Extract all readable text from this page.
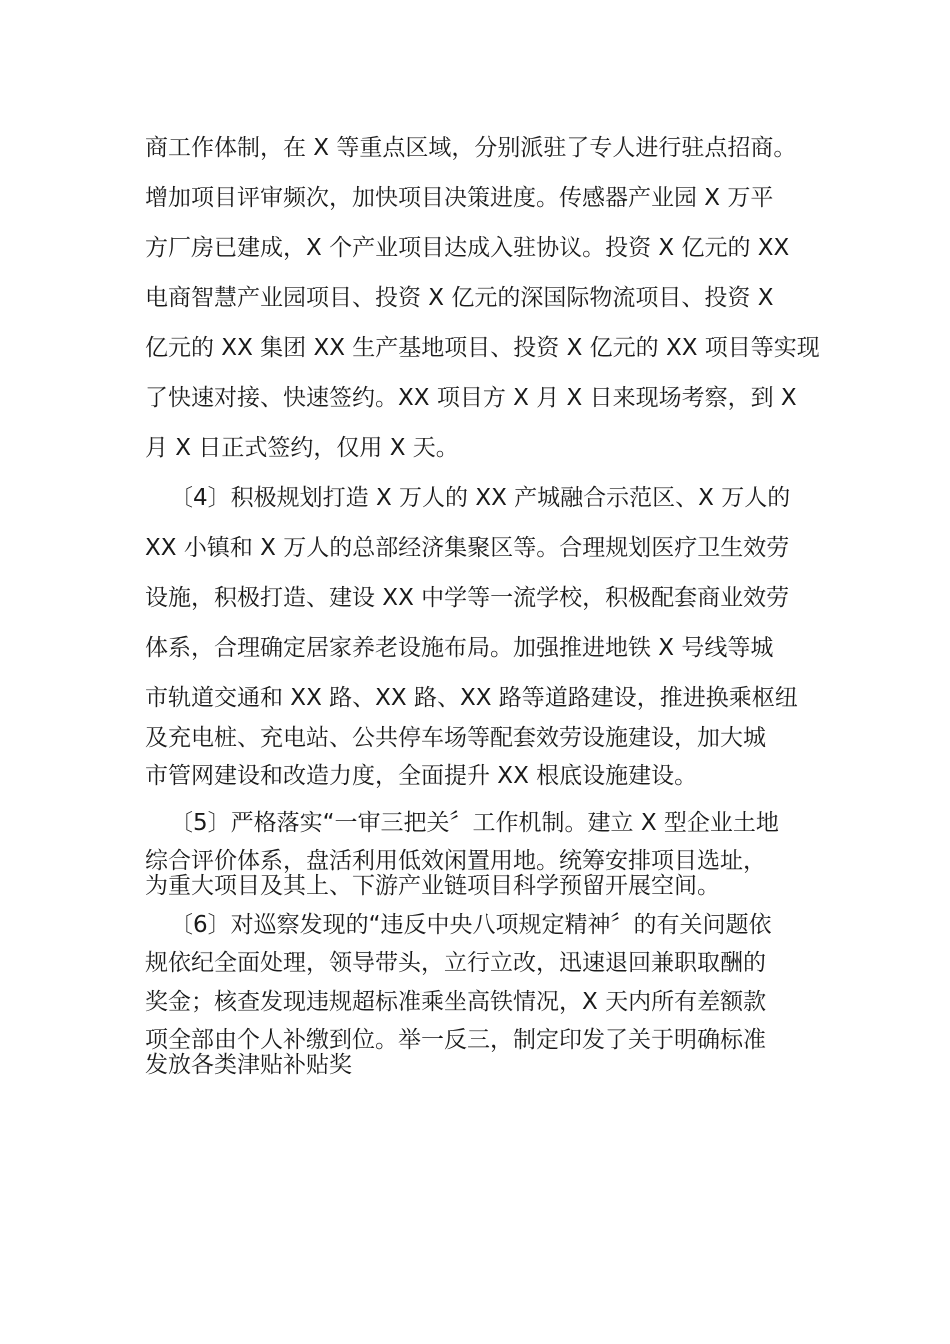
商工作体制，在 X 等重点区域，分别派驻了专人进行驻点招商。
增加项目评审频次，加快项目决策进度。传感器产业园 X 万平
方厂房已建成，X 个产业项目达成入驻协议。投资 X 亿元的 XX
电商智慧产业园项目、投资 X 亿元的深国际物流项目、投资 X
亿元的 XX 集团 XX 生产基地项目、投资 X 亿元的 XX 项目等实现
了快速对接、快速签约。XX 项目方 X 月 X 日来现场考察，到 X
月 X 日正式签约，仅用 X 天。
〔4〕积极规划打造 X 万人的 XX 产城融合示范区、X 万人的
XX 小镇和 X 万人的总部经济集聚区等。合理规划医疗卫生效劳
设施，积极打造、建设 XX 中学等一流学校，积极配套商业效劳
体系，合理确定居家养老设施布局。加强推进地铁 X 号线等城
市轨道交通和 XX 路、XX 路、XX 路等道路建设，推进换乘枢纽
及充电桩、充电站、公共停车场等配套效劳设施建设，加大城
市管网建设和改造力度，全面提升 XX 根底设施建设。
〔5〕严格落实“一审三把关〞工作机制。建立 X 型企业土地
综合评价体系，盘活利用低效闲置用地。统筹安排项目选址，
为重大项目及其上、下游产业链项目科学预留开展空间。
〔6〕对巡察发现的“违反中央八项规定精神〞的有关问题依
规依纪全面处理，领导带头，立行立改，迅速退回兼职取酬的
奖金；核查发现违规超标准乘坐高铁情况，X 天内所有差额款
项全部由个人补缴到位。举一反三，制定印发了关于明确标准
发放各类津贴补贴奖
